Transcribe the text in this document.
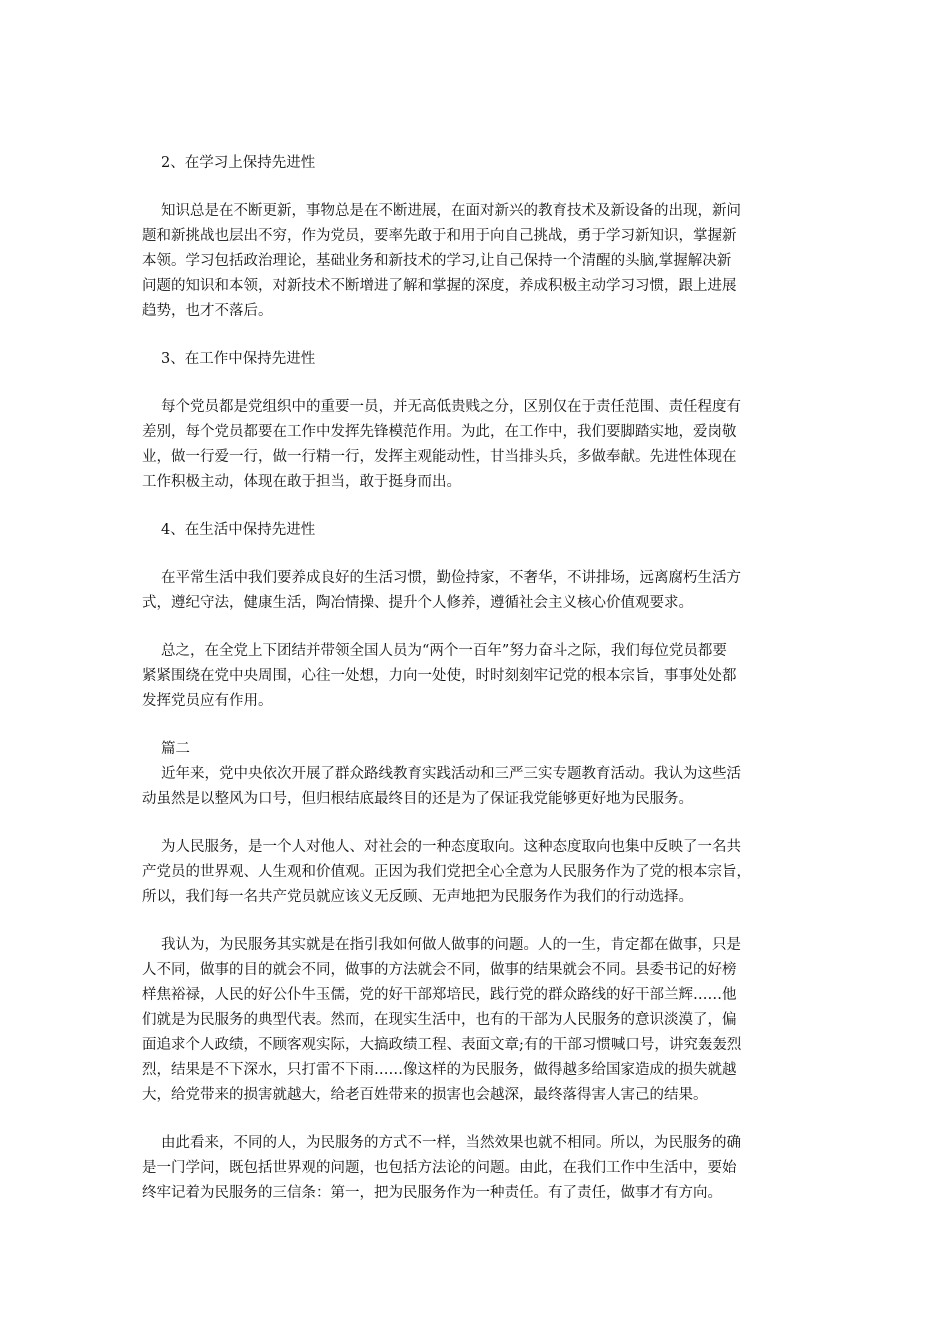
2、在学习上保持先进性
知识总是在不断更新，事物总是在不断进展，在面对新兴的教育技术及新设备的出现，新问
题和新挑战也层出不穷，作为党员，要率先敢于和用于向自己挑战，勇于学习新知识，掌握新
本领。学习包括政治理论，基础业务和新技术的学习,让自己保持一个清醒的头脑,掌握解决新
问题的知识和本领，对新技术不断增进了解和掌握的深度，养成积极主动学习习惯，跟上进展
趋势，也才不落后。
3、在工作中保持先进性
每个党员都是党组织中的重要一员，并无高低贵贱之分，区别仅在于责任范围、责任程度有
差别，每个党员都要在工作中发挥先锋模范作用。为此，在工作中，我们要脚踏实地，爱岗敬
业，做一行爱一行，做一行精一行，发挥主观能动性，甘当排头兵，多做奉献。先进性体现在
工作积极主动，体现在敢于担当，敢于挺身而出。
4、在生活中保持先进性
在平常生活中我们要养成良好的生活习惯，勤俭持家，不奢华，不讲排场，远离腐朽生活方
式，遵纪守法，健康生活，陶冶情操、提升个人修养，遵循社会主义核心价值观要求。
总之，在全党上下团结并带领全国人员为“两个一百年”努力奋斗之际，我们每位党员都要
紧紧围绕在党中央周围，心往一处想，力向一处使，时时刻刻牢记党的根本宗旨，事事处处都
发挥党员应有作用。
篇二
近年来，党中央依次开展了群众路线教育实践活动和三严三实专题教育活动。我认为这些活
动虽然是以整风为口号，但归根结底最终目的还是为了保证我党能够更好地为民服务。
为人民服务，是一个人对他人、对社会的一种态度取向。这种态度取向也集中反映了一名共
产党员的世界观、人生观和价值观。正因为我们党把全心全意为人民服务作为了党的根本宗旨，
所以，我们每一名共产党员就应该义无反顾、无声地把为民服务作为我们的行动选择。
我认为，为民服务其实就是在指引我如何做人做事的问题。人的一生，肯定都在做事，只是
人不同，做事的目的就会不同，做事的方法就会不同，做事的结果就会不同。县委书记的好榜
样焦裕禄，人民的好公仆牛玉儒，党的好干部郑培民，践行党的群众路线的好干部兰辉……他
们就是为民服务的典型代表。然而，在现实生活中，也有的干部为人民服务的意识淡漠了，偏
面追求个人政绩，不顾客观实际，大搞政绩工程、表面文章;有的干部习惯喊口号，讲究轰轰烈
烈，结果是不下深水，只打雷不下雨……像这样的为民服务，做得越多给国家造成的损失就越
大，给党带来的损害就越大，给老百姓带来的损害也会越深，最终落得害人害己的结果。
由此看来，不同的人，为民服务的方式不一样，当然效果也就不相同。所以，为民服务的确
是一门学问，既包括世界观的问题，也包括方法论的问题。由此，在我们工作中生活中，要始
终牢记着为民服务的三信条：第一，把为民服务作为一种责任。有了责任，做事才有方向。
